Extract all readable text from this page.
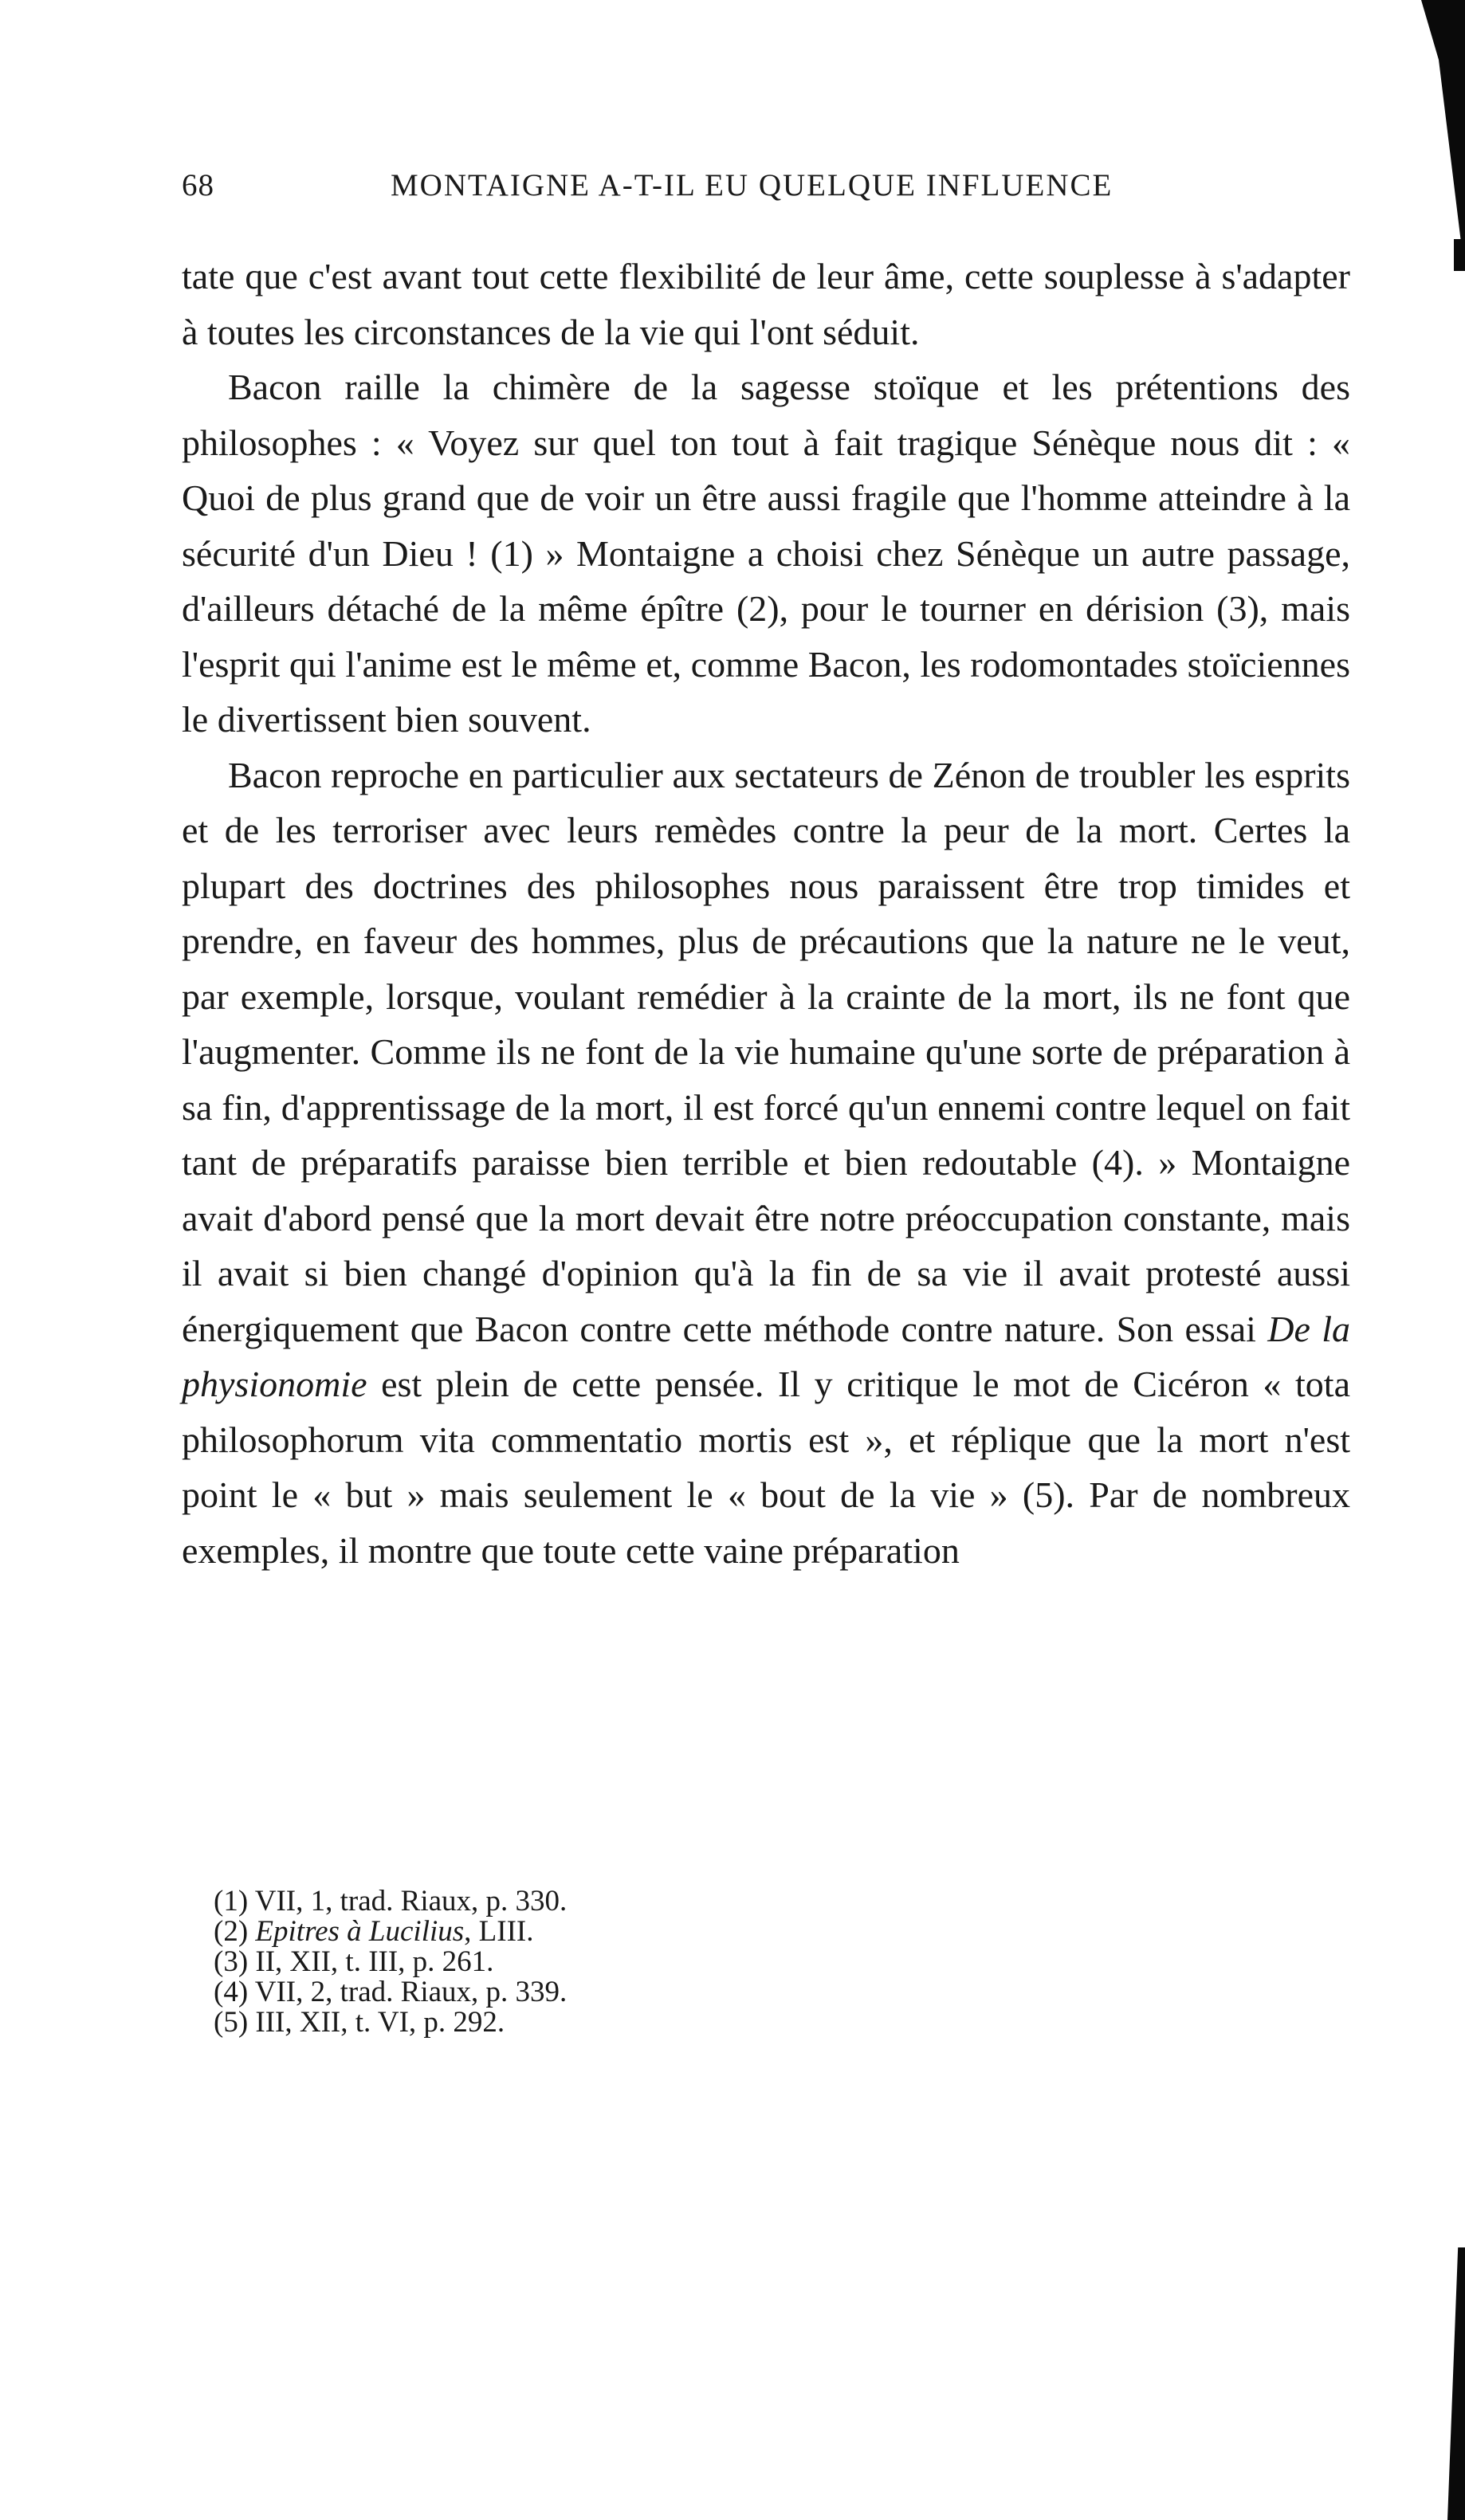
68	MONTAIGNE A-T-IL EU QUELQUE INFLUENCE

tate que c'est avant tout cette flexibilité de leur âme, cette souplesse à s'adapter à toutes les circonstances de la vie qui l'ont séduit.

Bacon raille la chimère de la sagesse stoïque et les prétentions des philosophes : « Voyez sur quel ton tout à fait tragique Sénèque nous dit : « Quoi de plus grand que de voir un être aussi fragile que l'homme atteindre à la sécurité d'un Dieu ! (1) » Montaigne a choisi chez Sénèque un autre passage, d'ailleurs détaché de la même épître (2), pour le tourner en dérision (3), mais l'esprit qui l'anime est le même et, comme Bacon, les rodomontades stoïciennes le divertissent bien souvent.

Bacon reproche en particulier aux sectateurs de Zénon de troubler les esprits et de les terroriser avec leurs remèdes contre la peur de la mort. Certes la plupart des doctrines des philosophes nous paraissent être trop timides et prendre, en faveur des hommes, plus de précautions que la nature ne le veut, par exemple, lorsque, voulant remédier à la crainte de la mort, ils ne font que l'augmenter. Comme ils ne font de la vie humaine qu'une sorte de préparation à sa fin, d'apprentissage de la mort, il est forcé qu'un ennemi contre lequel on fait tant de préparatifs paraisse bien terrible et bien redoutable (4). » Montaigne avait d'abord pensé que la mort devait être notre préoccupation constante, mais il avait si bien changé d'opinion qu'à la fin de sa vie il avait protesté aussi énergiquement que Bacon contre cette méthode contre nature. Son essai De la physionomie est plein de cette pensée. Il y critique le mot de Cicéron « tota philosophorum vita commentatio mortis est », et réplique que la mort n'est point le « but » mais seulement le « bout de la vie » (5). Par de nombreux exemples, il montre que toute cette vaine préparation

(1) VII, 1, trad. Riaux, p. 330.

(2) Epitres à Lucilius, LIII.

(3) II, XII, t. III, p. 261.

(4) VII, 2, trad. Riaux, p. 339.

(5) III, XII, t. VI, p. 292.
